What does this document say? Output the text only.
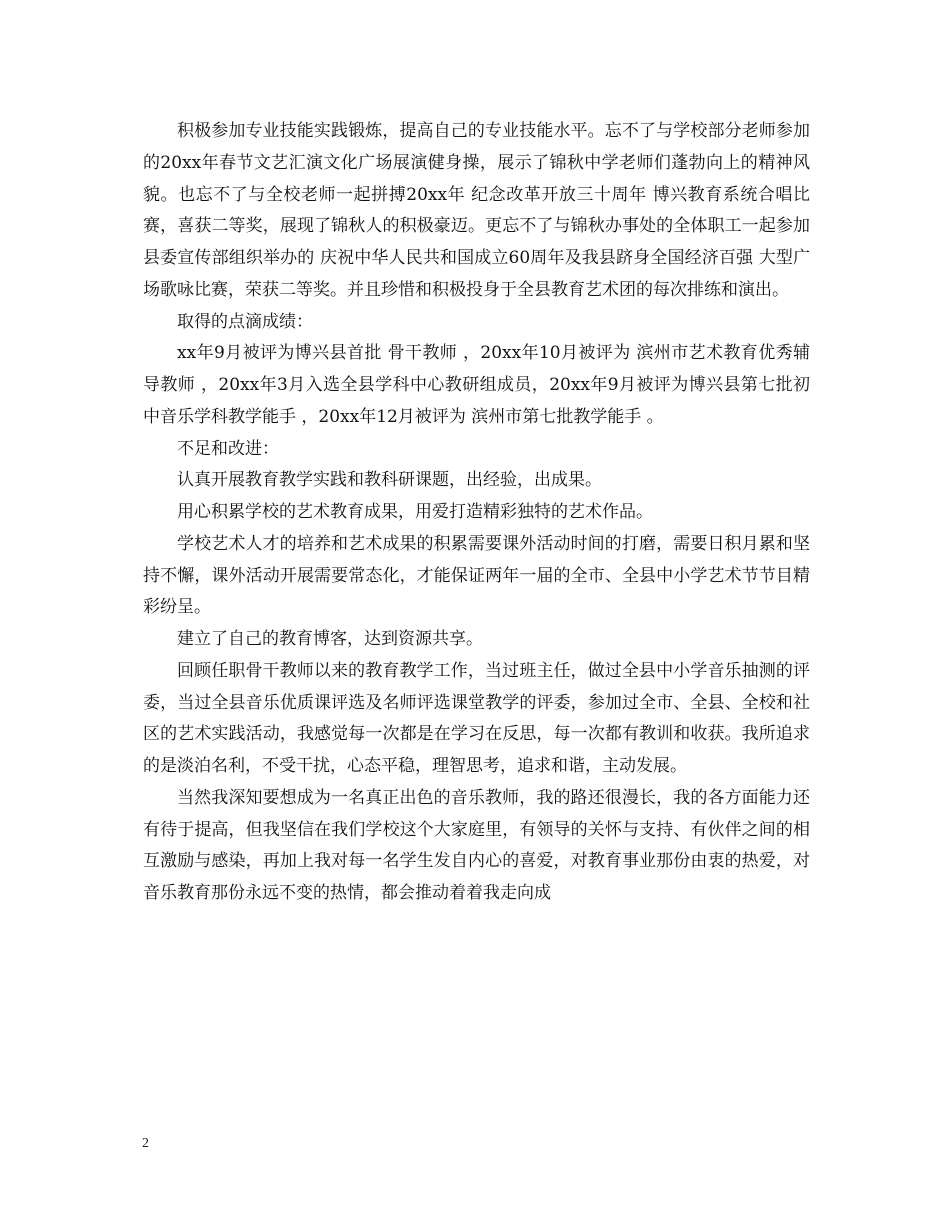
积极参加专业技能实践锻炼，提高自己的专业技能水平。忘不了与学校部分老师参加的20xx年春节文艺汇演文化广场展演健身操，展示了锦秋中学老师们蓬勃向上的精神风貌。也忘不了与全校老师一起拼搏20xx年 纪念改革开放三十周年 博兴教育系统合唱比赛，喜获二等奖，展现了锦秋人的积极豪迈。更忘不了与锦秋办事处的全体职工一起参加县委宣传部组织举办的 庆祝中华人民共和国成立60周年及我县跻身全国经济百强 大型广场歌咏比赛，荣获二等奖。并且珍惜和积极投身于全县教育艺术团的每次排练和演出。

取得的点滴成绩：

xx年9月被评为博兴县首批 骨干教师 ，20xx年10月被评为 滨州市艺术教育优秀辅导教师 ，20xx年3月入选全县学科中心教研组成员，20xx年9月被评为博兴县第七批初中音乐学科教学能手 ，20xx年12月被评为 滨州市第七批教学能手 。

不足和改进：

认真开展教育教学实践和教科研课题，出经验，出成果。

用心积累学校的艺术教育成果，用爱打造精彩独特的艺术作品。

学校艺术人才的培养和艺术成果的积累需要课外活动时间的打磨，需要日积月累和坚持不懈，课外活动开展需要常态化，才能保证两年一届的全市、全县中小学艺术节节目精彩纷呈。

建立了自己的教育博客，达到资源共享。

回顾任职骨干教师以来的教育教学工作，当过班主任，做过全县中小学音乐抽测的评委，当过全县音乐优质课评选及名师评选课堂教学的评委，参加过全市、全县、全校和社区的艺术实践活动，我感觉每一次都是在学习在反思，每一次都有教训和收获。我所追求的是淡泊名利，不受干扰，心态平稳，理智思考，追求和谐，主动发展。

当然我深知要想成为一名真正出色的音乐教师，我的路还很漫长，我的各方面能力还有待于提高，但我坚信在我们学校这个大家庭里，有领导的关怀与支持、有伙伴之间的相互激励与感染，再加上我对每一名学生发自内心的喜爱，对教育事业那份由衷的热爱，对音乐教育那份永远不变的热情，都会推动着着我走向成

2
